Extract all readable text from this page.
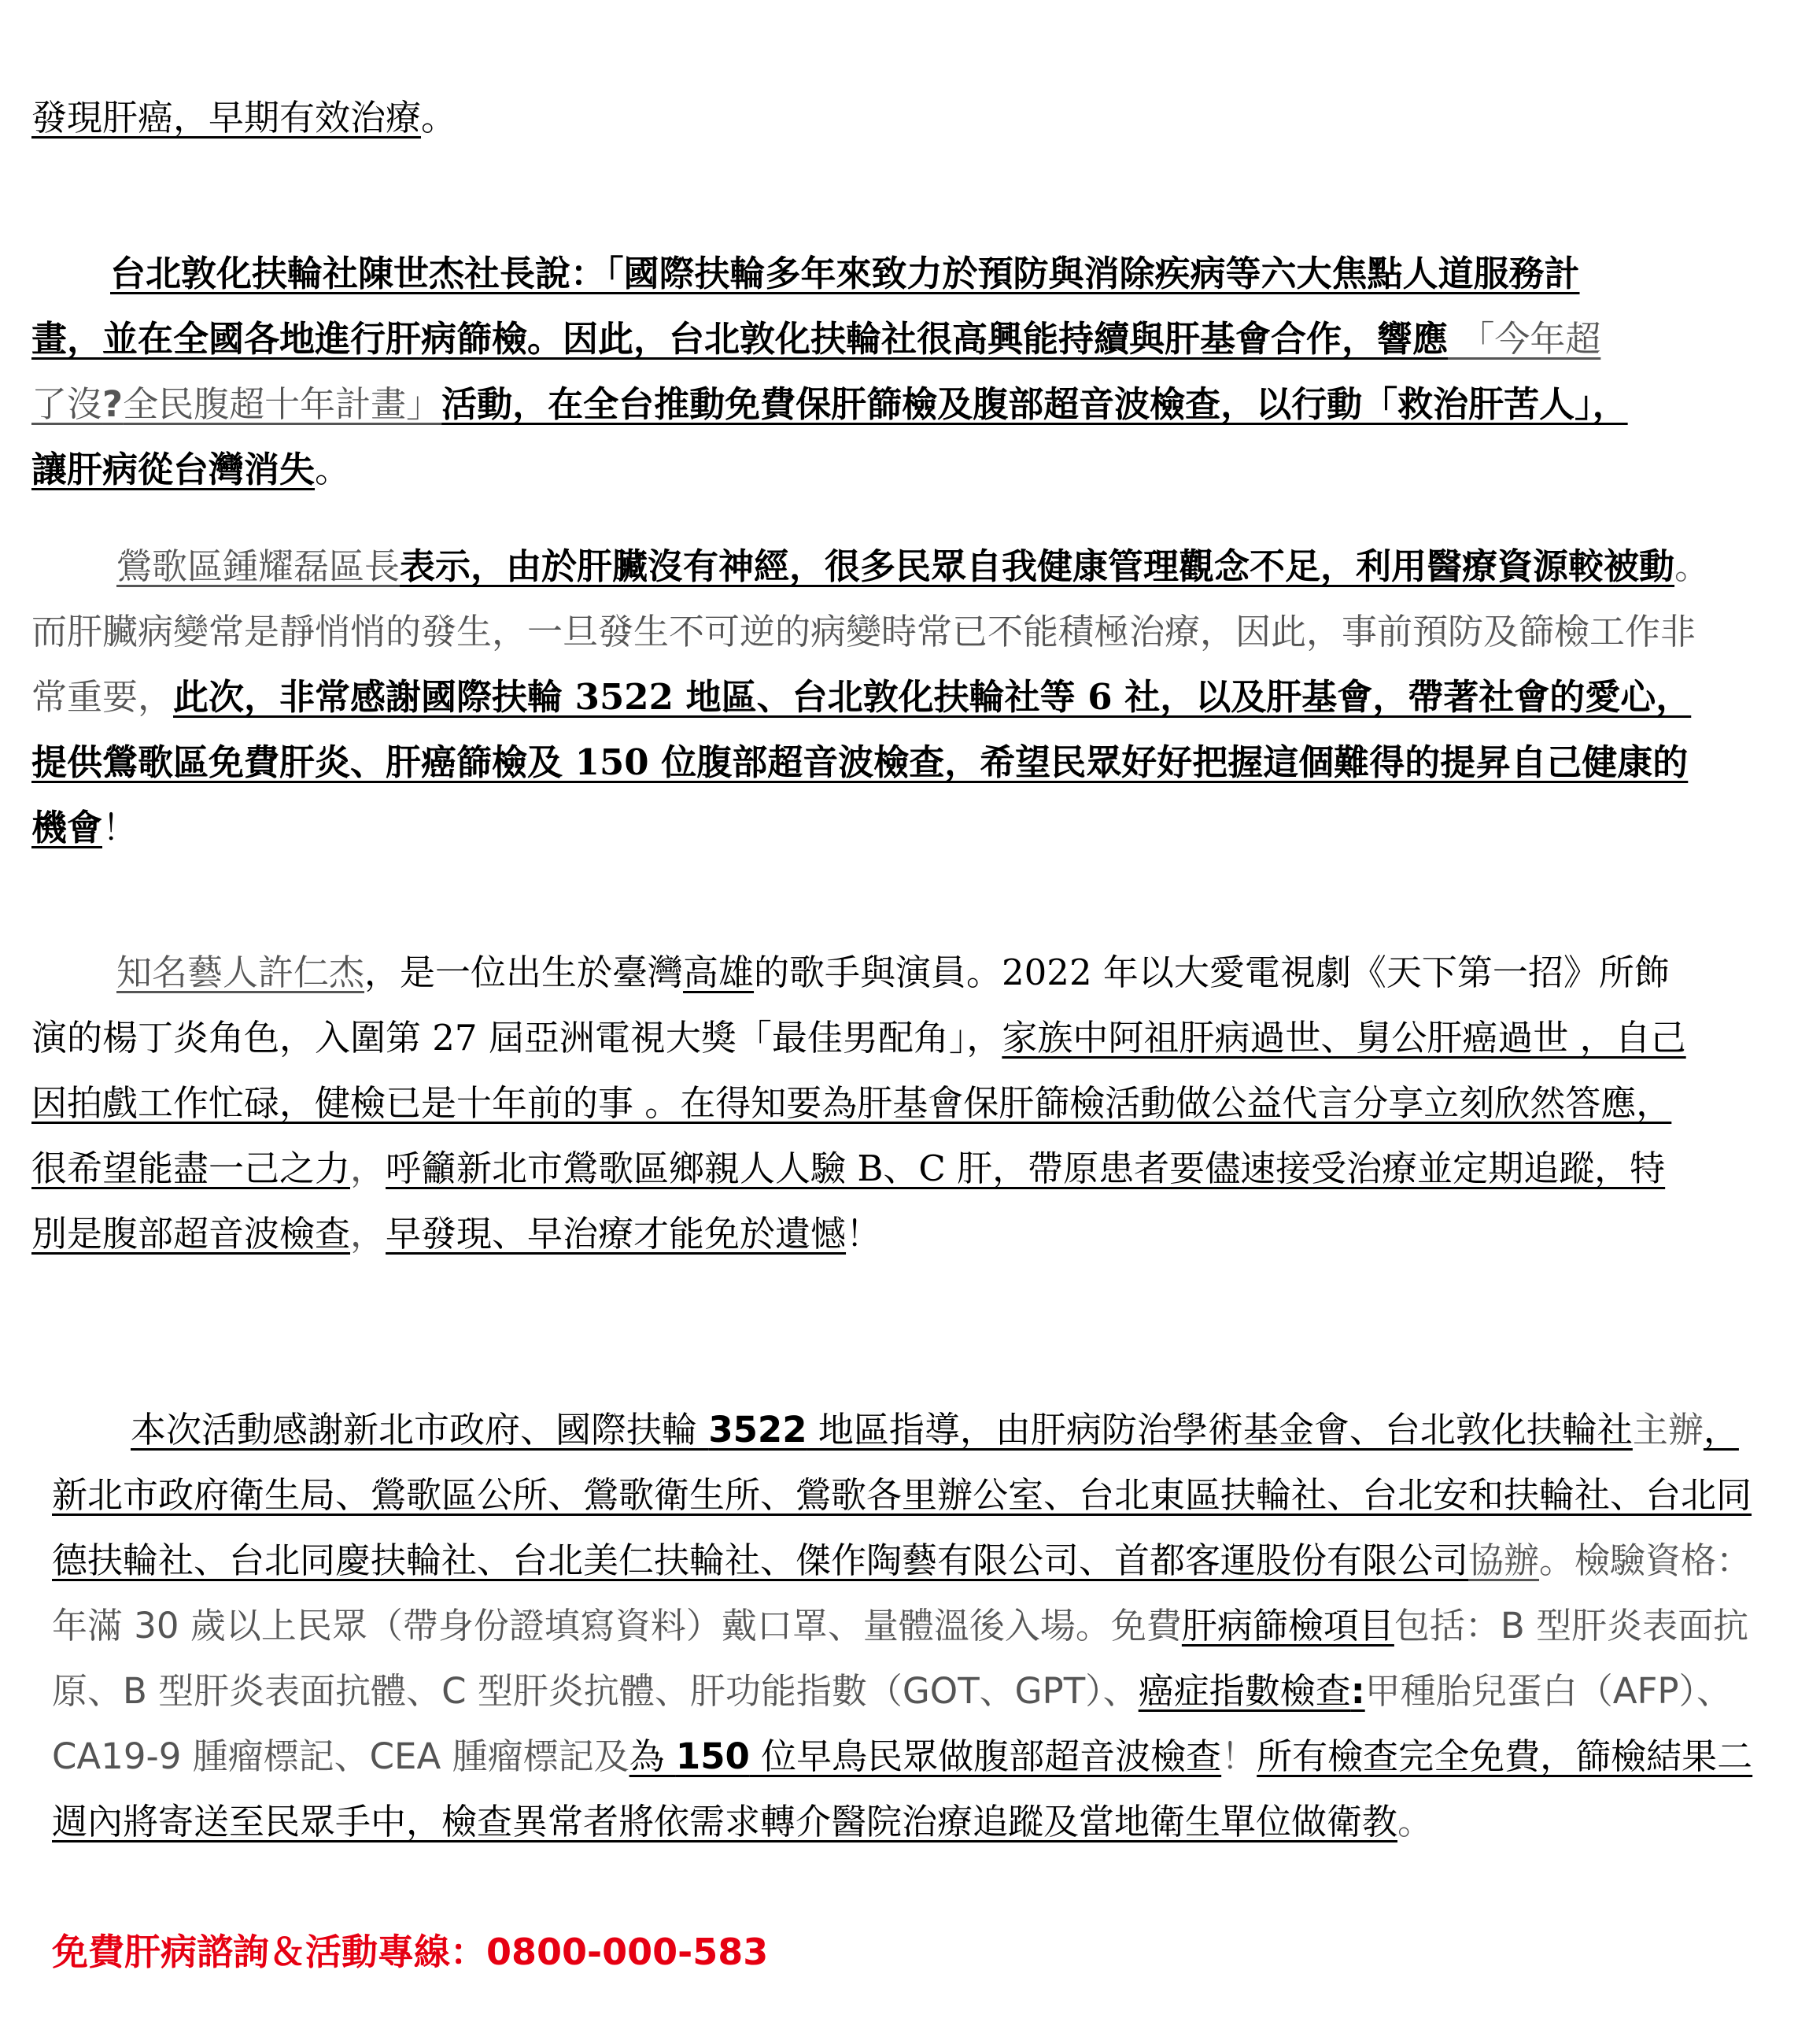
發現肝癌，早期有效治療。

台北敦化扶輪社陳世杰社長說：「國際扶輪多年來致力於預防與消除疾病等六大焦點人道服務計畫，並在全國各地進行肝病篩檢。因此，台北敦化扶輪社很高興能持續與肝基會合作，響應 「今年超了沒?全民腹超十年計畫」活動，在全台推動免費保肝篩檢及腹部超音波檢查，以行動「救治肝苦人」，讓肝病從台灣消失。

鶯歌區鍾耀磊區長表示，由於肝臟沒有神經，很多民眾自我健康管理觀念不足，利用醫療資源較被動。而肝臟病變常是靜悄悄的發生，一旦發生不可逆的病變時常已不能積極治療，因此，事前預防及篩檢工作非常重要，此次，非常感謝國際扶輪 3522 地區、台北敦化扶輪社等 6 社，以及肝基會，帶著社會的愛心，提供鶯歌區免費肝炎、肝癌篩檢及 150 位腹部超音波檢查，希望民眾好好把握這個難得的提昇自己健康的機會！

知名藝人許仁杰，是一位出生於臺灣高雄的歌手與演員。2022 年以大愛電視劇《天下第一招》所飾演的楊丁炎角色，入圍第 27 屆亞洲電視大獎「最佳男配角」，家族中阿祖肝病過世、舅公肝癌過世 ，自己因拍戲工作忙碌，健檢已是十年前的事 。在得知要為肝基會保肝篩檢活動做公益代言分享立刻欣然答應，很希望能盡一己之力，呼籲新北市鶯歌區鄉親人人驗 B、C 肝，帶原患者要儘速接受治療並定期追蹤，特別是腹部超音波檢查，早發現、早治療才能免於遺憾！

本次活動感謝新北市政府、國際扶輪 3522 地區指導，由肝病防治學術基金會、台北敦化扶輪社主辦，新北市政府衛生局、鶯歌區公所、鶯歌衛生所、鶯歌各里辦公室、台北東區扶輪社、台北安和扶輪社、台北同德扶輪社、台北同慶扶輪社、台北美仁扶輪社、傑作陶藝有限公司、首都客運股份有限公司協辦。檢驗資格：年滿 30 歲以上民眾（帶身份證填寫資料）戴口罩、量體溫後入場。免費肝病篩檢項目包括：B 型肝炎表面抗原、B 型肝炎表面抗體、C 型肝炎抗體、肝功能指數（GOT、GPT）、癌症指數檢查:甲種胎兒蛋白（AFP）、CA19-9 腫瘤標記、CEA 腫瘤標記及為 150 位早鳥民眾做腹部超音波檢查！所有檢查完全免費，篩檢結果二週內將寄送至民眾手中，檢查異常者將依需求轉介醫院治療追蹤及當地衛生單位做衛教。

免費肝病諮詢＆活動專線：0800-000-583
